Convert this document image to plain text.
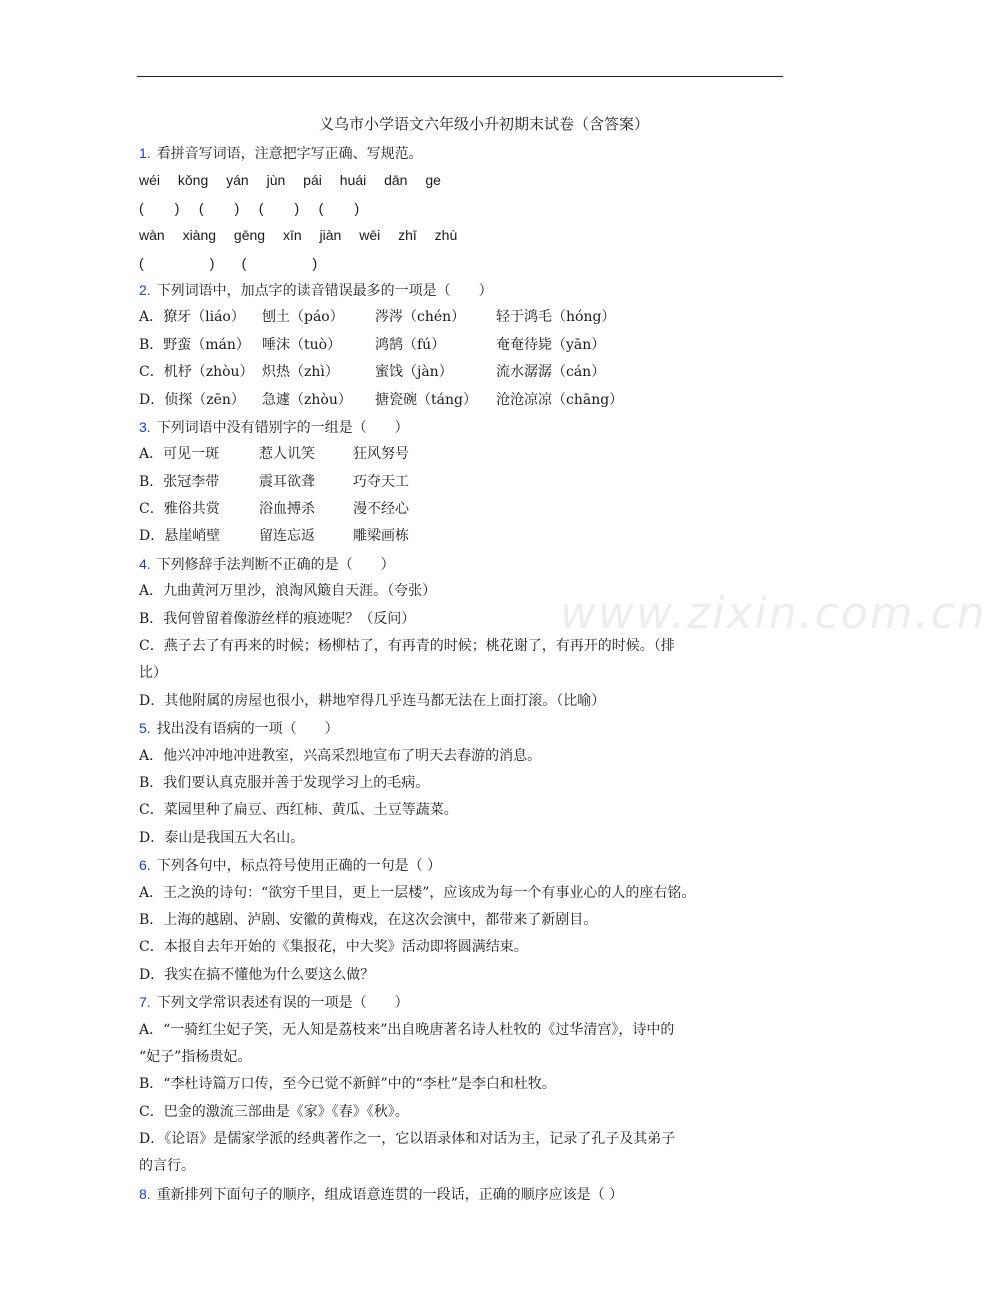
www.zixin.com.cn
义乌市小学语文六年级小升初期末试卷（含答案）
1. 看拼音写词语，注意把字写正确、写规范。
wéi kǒng yán jùn pái huái dān ge
(        )     (        )     (        )     (        )
wàn xiàng gēng xīn jiàn wēi zhī zhù
(                 )       (                 )
2. 下列词语中，加点字的读音错误最多的一项是（　　）
A．獠牙（liáo） 刨土（páo） 涔涔（chén） 轻于鸿毛（hóng）
B．野蛮（mán） 唾沫（tuò） 鸿鹄（fú）	奄奄待毙（yān）
C．机杼（zhòu） 炽热（zhì）	蜜饯（jàn）	流水潺潺（cán）
D．侦探（zēn） 急遽（zhòu） 搪瓷碗（táng） 沧沧凉凉（chāng）
3. 下列词语中没有错别字的一组是（　　）
A．可见一斑	惹人讥笑	狂风努号
B．张冠李带	震耳欲聋	巧夺天工
C．雅俗共赏	浴血搏杀	漫不经心
D．悬崖峭壁	留连忘返	雕梁画栋
4. 下列修辞手法判断不正确的是（　　）
A．九曲黄河万里沙，浪淘风簸自天涯。（夸张）
B．我何曾留着像游丝样的痕迹呢？（反问）
C．燕子去了有再来的时候；杨柳枯了，有再青的时候；桃花谢了，有再开的时候。（排
比）
D．其他附属的房屋也很小，耕地窄得几乎连马都无法在上面打滚。（比喻）
5. 找出没有语病的一项（　　）
A．他兴冲冲地冲进教室，兴高采烈地宣布了明天去春游的消息。
B．我们要认真克服并善于发现学习上的毛病。
C．菜园里种了扁豆、西红柿、黄瓜、土豆等蔬菜。
D．泰山是我国五大名山。
6. 下列各句中，标点符号使用正确的一句是（ ）
A．王之涣的诗句：“欲穷千里目，更上一层楼”，应该成为每一个有事业心的人的座右铭。
B．上海的越剧、泸剧、安徽的黄梅戏，在这次会演中，都带来了新剧目。
C．本报自去年开始的《集报花，中大奖》活动即将圆满结束。
D．我实在搞不懂他为什么要这么做？
7. 下列文学常识表述有误的一项是（　　）
A．“一骑红尘妃子笑，无人知是荔枝来”出自晚唐著名诗人杜牧的《过华清宫》，诗中的
“妃子”指杨贵妃。
B．“李杜诗篇万口传，至今已觉不新鲜”中的“李杜”是李白和杜牧。
C．巴金的激流三部曲是《家》《春》《秋》。
D．《论语》是儒家学派的经典著作之一，它以语录体和对话为主，记录了孔子及其弟子
的言行。
8. 重新排列下面句子的顺序，组成语意连贯的一段话，正确的顺序应该是（ ）
